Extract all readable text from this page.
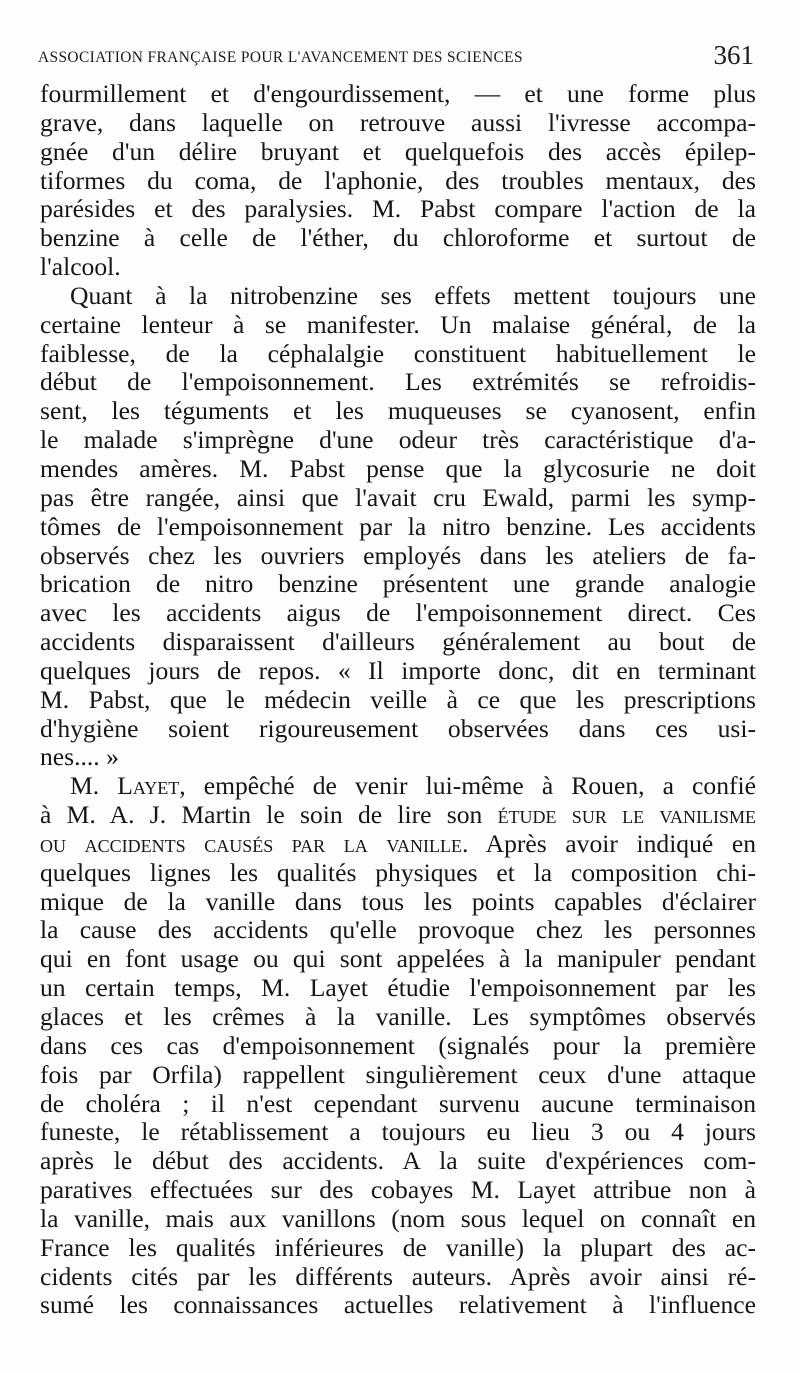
ASSOCIATION FRANÇAISE POUR L'AVANCEMENT DES SCIENCES	361
fourmillement et d'engourdissement, — et une forme plus
grave, dans laquelle on retrouve aussi l'ivresse accompa-
gnée d'un délire bruyant et quelquefois des accès épilep-
tiformes du coma, de l'aphonie, des troubles mentaux, des
parésides et des paralysies. M. Pabst compare l'action de la
benzine à celle de l'éther, du chloroforme et surtout de
l'alcool.
Quant à la nitrobenzine ses effets mettent toujours une
certaine lenteur à se manifester. Un malaise général, de la
faiblesse, de la céphalalgie constituent habituellement le
début de l'empoisonnement. Les extrémités se refroidis-
sent, les téguments et les muqueuses se cyanosent, enfin
le malade s'imprègne d'une odeur très caractéristique d'a-
mendes amères. M. Pabst pense que la glycosurie ne doit
pas être rangée, ainsi que l'avait cru Ewald, parmi les symp-
tômes de l'empoisonnement par la nitro benzine. Les accidents
observés chez les ouvriers employés dans les ateliers de fa-
brication de nitro benzine présentent une grande analogie
avec les accidents aigus de l'empoisonnement direct. Ces
accidents disparaissent d'ailleurs généralement au bout de
quelques jours de repos. « Il importe donc, dit en terminant
M. Pabst, que le médecin veille à ce que les prescriptions
d'hygiène soient rigoureusement observées dans ces usi-
nes.... »
M. Layet, empêché de venir lui-même à Rouen, a confié
à M. A. J. Martin le soin de lire son étude sur le vanilisme
ou accidents causés par la vanille. Après avoir indiqué en
quelques lignes les qualités physiques et la composition chi-
mique de la vanille dans tous les points capables d'éclairer
la cause des accidents qu'elle provoque chez les personnes
qui en font usage ou qui sont appelées à la manipuler pendant
un certain temps, M. Layet étudie l'empoisonnement par les
glaces et les crêmes à la vanille. Les symptômes observés
dans ces cas d'empoisonnement (signalés pour la première
fois par Orfila) rappellent singulièrement ceux d'une attaque
de choléra ; il n'est cependant survenu aucune terminaison
funeste, le rétablissement a toujours eu lieu 3 ou 4 jours
après le début des accidents. A la suite d'expériences com-
paratives effectuées sur des cobayes M. Layet attribue non à
la vanille, mais aux vanillons (nom sous lequel on connaît en
France les qualités inférieures de vanille) la plupart des ac-
cidents cités par les différents auteurs. Après avoir ainsi ré-
sumé les connaissances actuelles relativement à l'influence
